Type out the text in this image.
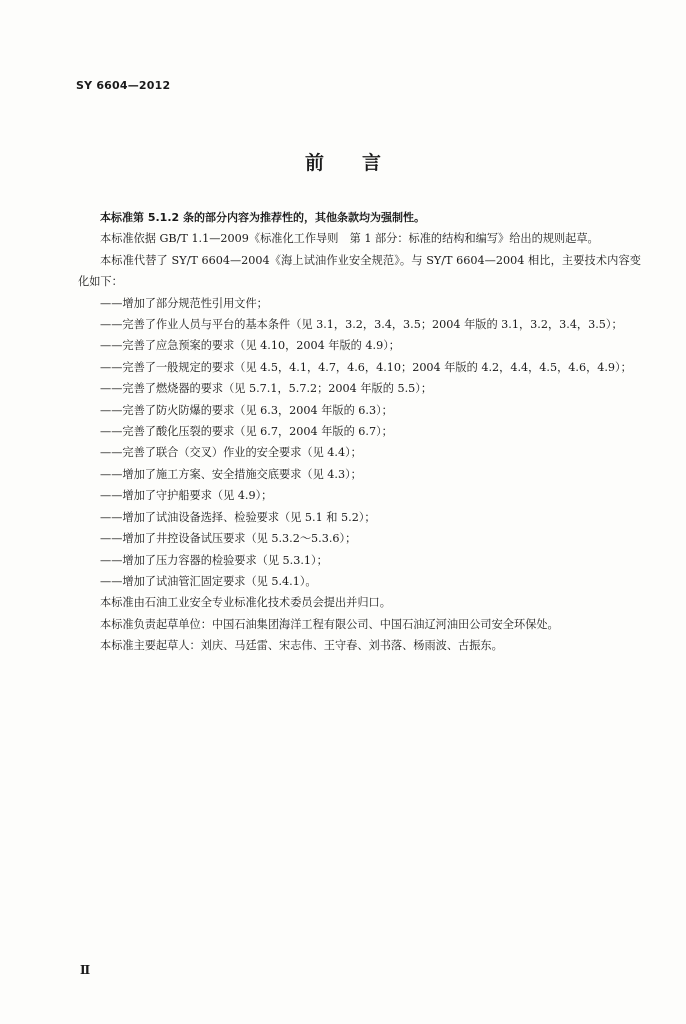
SY 6604—2012
前 言

本标准第 5.1.2 条的部分内容为推荐性的，其他条款均为强制性。

本标准依据 GB/T 1.1—2009《标准化工作导则　第 1 部分：标准的结构和编写》给出的规则起草。

本标准代替了 SY/T 6604—2004《海上试油作业安全规范》。与 SY/T 6604—2004 相比，主要技术内容变化如下：

——增加了部分规范性引用文件；

——完善了作业人员与平台的基本条件（见 3.1，3.2，3.4，3.5；2004 年版的 3.1，3.2，3.4，3.5）；

——完善了应急预案的要求（见 4.10，2004 年版的 4.9）；

——完善了一般规定的要求（见 4.5，4.1，4.7，4.6，4.10；2004 年版的 4.2，4.4，4.5，4.6，4.9）；

——完善了燃烧器的要求（见 5.7.1，5.7.2；2004 年版的 5.5）；

——完善了防火防爆的要求（见 6.3，2004 年版的 6.3）；

——完善了酸化压裂的要求（见 6.7，2004 年版的 6.7）；

——完善了联合（交叉）作业的安全要求（见 4.4）；

——增加了施工方案、安全措施交底要求（见 4.3）；

——增加了守护船要求（见 4.9）；

——增加了试油设备选择、检验要求（见 5.1 和 5.2）；

——增加了井控设备试压要求（见 5.3.2～5.3.6）；

——增加了压力容器的检验要求（见 5.3.1）；

——增加了试油管汇固定要求（见 5.4.1）。

本标准由石油工业安全专业标准化技术委员会提出并归口。

本标准负责起草单位：中国石油集团海洋工程有限公司、中国石油辽河油田公司安全环保处。

本标准主要起草人：刘庆、马廷雷、宋志伟、王守春、刘书落、杨雨波、古振东。

Ⅱ
